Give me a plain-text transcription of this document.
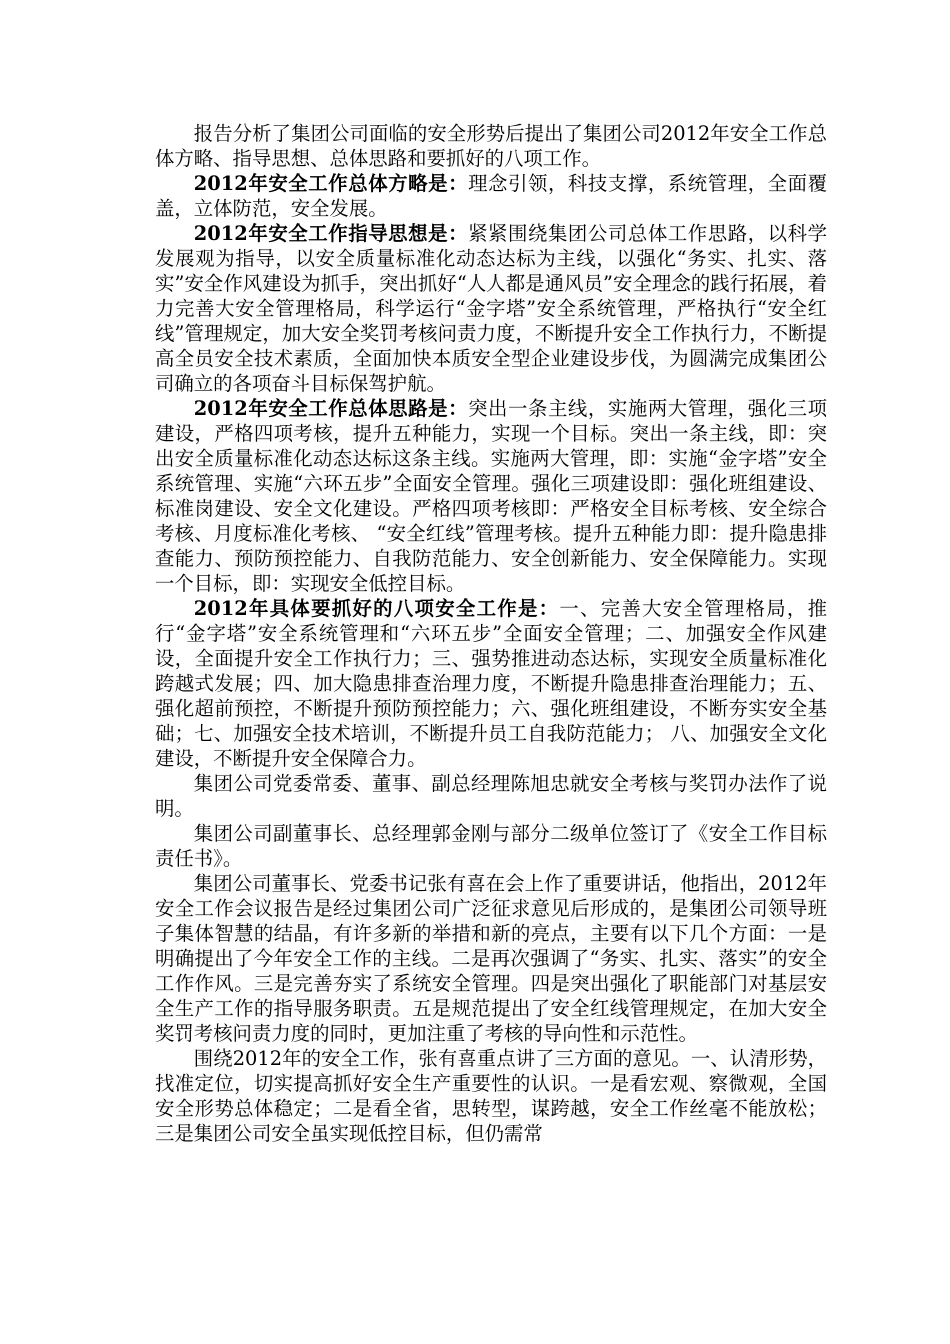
报告分析了集团公司面临的安全形势后提出了集团公司2012年安全工作总体方略、指导思想、总体思路和要抓好的八项工作。

2012年安全工作总体方略是：理念引领，科技支撑，系统管理，全面覆盖，立体防范，安全发展。

2012年安全工作指导思想是：紧紧围绕集团公司总体工作思路，以科学发展观为指导，以安全质量标准化动态达标为主线，以强化“务实、扎实、落实”安全作风建设为抓手，突出抓好“人人都是通风员”安全理念的践行拓展，着力完善大安全管理格局，科学运行“金字塔”安全系统管理，严格执行“安全红线”管理规定，加大安全奖罚考核问责力度，不断提升安全工作执行力，不断提高全员安全技术素质，全面加快本质安全型企业建设步伐，为圆满完成集团公司确立的各项奋斗目标保驾护航。

2012年安全工作总体思路是：突出一条主线，实施两大管理，强化三项建设，严格四项考核，提升五种能力，实现一个目标。突出一条主线，即：突出安全质量标准化动态达标这条主线。实施两大管理，即：实施“金字塔”安全系统管理、实施“六环五步”全面安全管理。强化三项建设即：强化班组建设、标准岗建设、安全文化建设。严格四项考核即：严格安全目标考核、安全综合考核、月度标准化考核、 “安全红线”管理考核。提升五种能力即：提升隐患排查能力、预防预控能力、自我防范能力、安全创新能力、安全保障能力。实现一个目标，即：实现安全低控目标。

2012年具体要抓好的八项安全工作是：一、完善大安全管理格局，推行“金字塔”安全系统管理和“六环五步”全面安全管理；二、加强安全作风建设，全面提升安全工作执行力；三、强势推进动态达标，实现安全质量标准化跨越式发展；四、加大隐患排查治理力度，不断提升隐患排查治理能力；五、强化超前预控，不断提升预防预控能力；六、强化班组建设，不断夯实安全基础；七、加强安全技术培训，不断提升员工自我防范能力； 八、加强安全文化建设，不断提升安全保障合力。

集团公司党委常委、董事、副总经理陈旭忠就安全考核与奖罚办法作了说明。

集团公司副董事长、总经理郭金刚与部分二级单位签订了《安全工作目标责任书》。

集团公司董事长、党委书记张有喜在会上作了重要讲话，他指出，2012年安全工作会议报告是经过集团公司广泛征求意见后形成的，是集团公司领导班子集体智慧的结晶，有许多新的举措和新的亮点，主要有以下几个方面：一是明确提出了今年安全工作的主线。二是再次强调了“务实、扎实、落实”的安全工作作风。三是完善夯实了系统安全管理。四是突出强化了职能部门对基层安全生产工作的指导服务职责。五是规范提出了安全红线管理规定，在加大安全奖罚考核问责力度的同时，更加注重了考核的导向性和示范性。

围绕2012年的安全工作，张有喜重点讲了三方面的意见。一、认清形势，找准定位，切实提高抓好安全生产重要性的认识。一是看宏观、察微观，全国安全形势总体稳定；二是看全省，思转型，谋跨越，安全工作丝毫不能放松；三是集团公司安全虽实现低控目标，但仍需常
